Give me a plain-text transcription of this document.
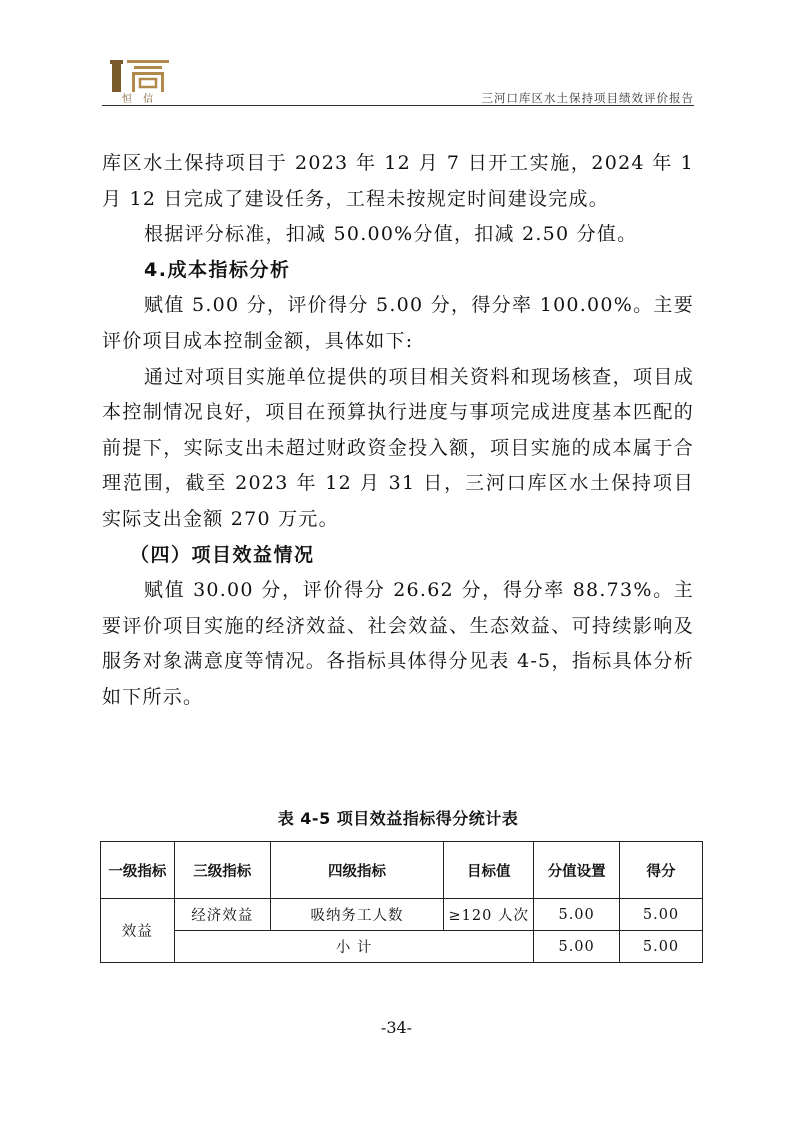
恒 信	三河口库区水土保持项目绩效评价报告

库区水土保持项目于 2023 年 12 月 7 日开工实施，2024 年 1 月 12 日完成了建设任务，工程未按规定时间建设完成。

根据评分标准，扣减 50.00%分值，扣减 2.50 分值。

4.成本指标分析

赋值 5.00 分，评价得分 5.00 分，得分率 100.00%。主要评价项目成本控制金额，具体如下:

通过对项目实施单位提供的项目相关资料和现场核查，项目成本控制情况良好，项目在预算执行进度与事项完成进度基本匹配的前提下，实际支出未超过财政资金投入额，项目实施的成本属于合理范围，截至 2023 年 12 月 31 日，三河口库区水土保持项目实际支出金额 270 万元。

（四）项目效益情况

赋值 30.00 分，评价得分 26.62 分，得分率 88.73%。主要评价项目实施的经济效益、社会效益、生态效益、可持续影响及服务对象满意度等情况。各指标具体得分见表 4-5，指标具体分析如下所示。

表 4-5 项目效益指标得分统计表
一级指标	三级指标	四级指标	目标值	分值设置	得分
效益	经济效益	吸纳务工人数	≥120 人次	5.00	5.00
	小 计			5.00	5.00
-34-
